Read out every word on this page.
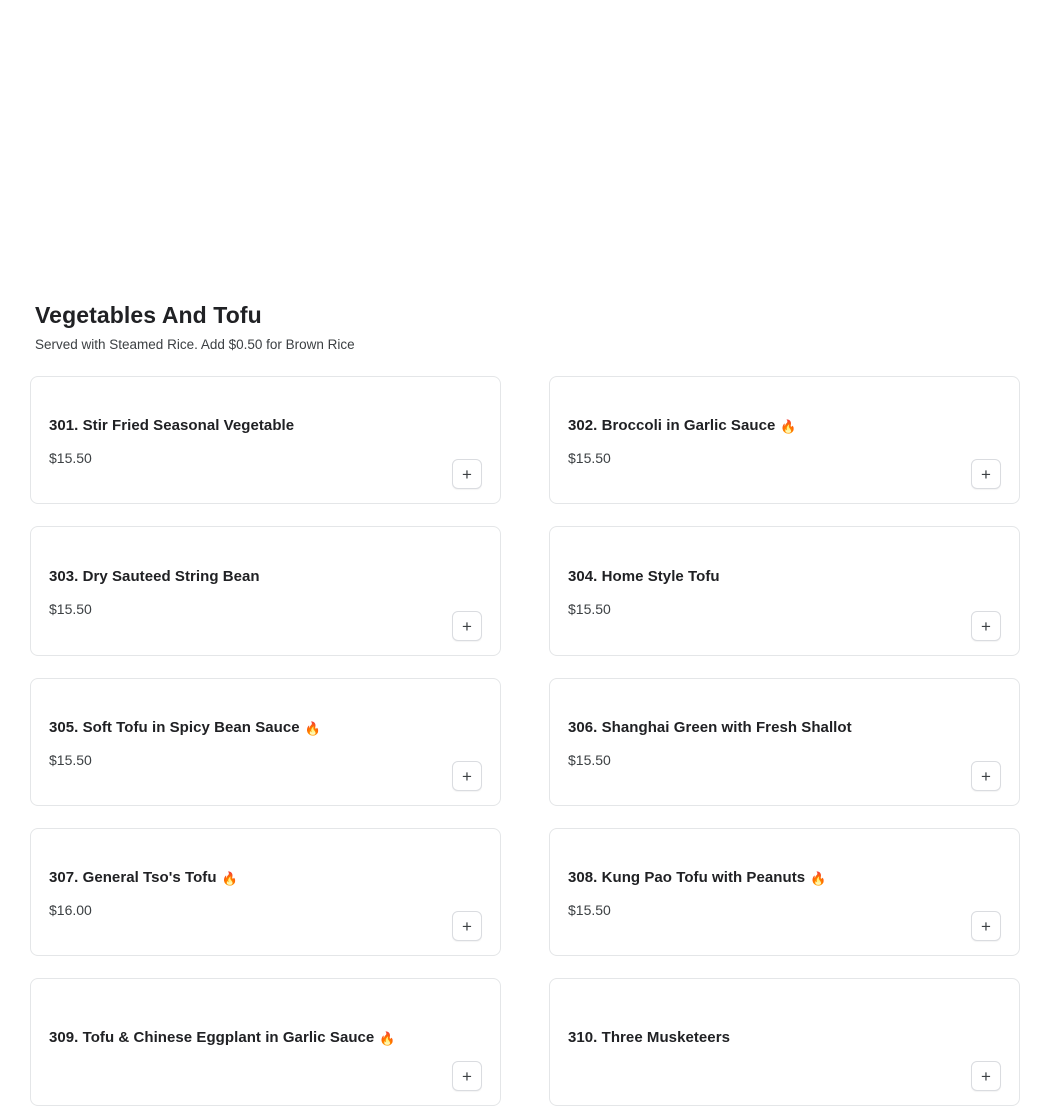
Vegetables And Tofu

Served with Steamed Rice. Add $0.50 for Brown Rice

301. Stir Fried Seasonal Vegetable
$15.50
+
302. Broccoli in Garlic Sauce 🔥
$15.50
+
303. Dry Sauteed String Bean
$15.50
+
304. Home Style Tofu
$15.50
+
305. Soft Tofu in Spicy Bean Sauce 🔥
$15.50
+
306. Shanghai Green with Fresh Shallot
$15.50
+
307. General Tso's Tofu 🔥
$16.00
+
308. Kung Pao Tofu with Peanuts 🔥
$15.50
+
309. Tofu & Chinese Eggplant in Garlic Sauce 🔥
+
310. Three Musketeers
+
